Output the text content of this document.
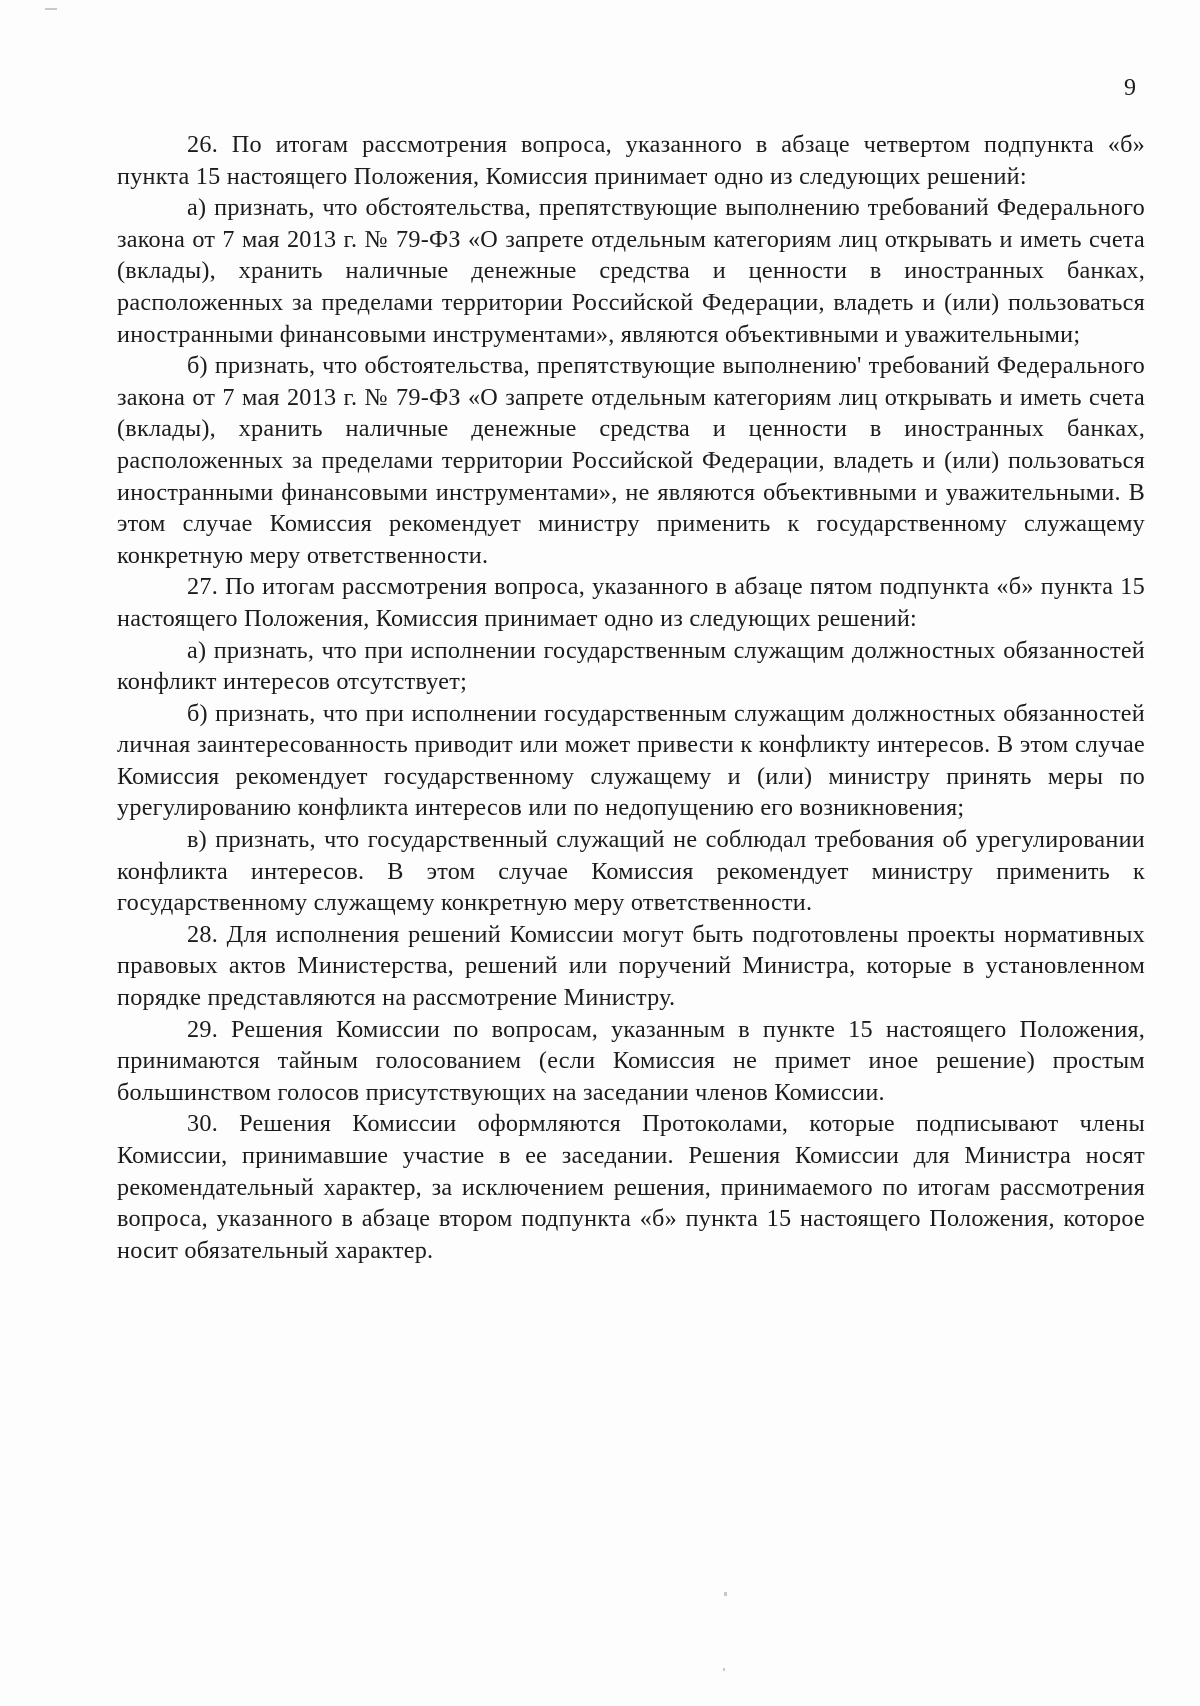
9

26. По итогам рассмотрения вопроса, указанного в абзаце четвертом подпункта «б» пункта 15 настоящего Положения, Комиссия принимает одно из следующих решений:

а) признать, что обстоятельства, препятствующие выполнению требований Федерального закона от 7 мая 2013 г. № 79-ФЗ «О запрете отдельным категориям лиц открывать и иметь счета (вклады), хранить наличные денежные средства и ценности в иностранных банках, расположенных за пределами территории Российской Федерации, владеть и (или) пользоваться иностранными финансовыми инструментами», являются объективными и уважительными;

б) признать, что обстоятельства, препятствующие выполнению' требований Федерального закона от 7 мая 2013 г. № 79-ФЗ «О запрете отдельным категориям лиц открывать и иметь счета (вклады), хранить наличные денежные средства и ценности в иностранных банках, расположенных за пределами территории Российской Федерации, владеть и (или) пользоваться иностранными финансовыми инструментами», не являются объективными и уважительными. В этом случае Комиссия рекомендует министру применить к государственному служащему конкретную меру ответственности.

27. По итогам рассмотрения вопроса, указанного в абзаце пятом подпункта «б» пункта 15 настоящего Положения, Комиссия принимает одно из следующих решений:

а) признать, что при исполнении государственным служащим должностных обязанностей конфликт интересов отсутствует;

б) признать, что при исполнении государственным служащим должностных обязанностей личная заинтересованность приводит или может привести к конфликту интересов. В этом случае Комиссия рекомендует государственному служащему и (или) министру принять меры по урегулированию конфликта интересов или по недопущению его возникновения;

в) признать, что государственный служащий не соблюдал требования об урегулировании конфликта интересов. В этом случае Комиссия рекомендует министру применить к государственному служащему конкретную меру ответственности.

28. Для исполнения решений Комиссии могут быть подготовлены проекты нормативных правовых актов Министерства, решений или поручений Министра, которые в установленном порядке представляются на рассмотрение Министру.

29. Решения Комиссии по вопросам, указанным в пункте 15 настоящего Положения, принимаются тайным голосованием (если Комиссия не примет иное решение) простым большинством голосов присутствующих на заседании членов Комиссии.

30. Решения Комиссии оформляются Протоколами, которые подписывают члены Комиссии, принимавшие участие в ее заседании. Решения Комиссии для Министра носят рекомендательный характер, за исключением решения, принимаемого по итогам рассмотрения вопроса, указанного в абзаце втором подпункта «б» пункта 15 настоящего Положения, которое носит обязательный характер.
